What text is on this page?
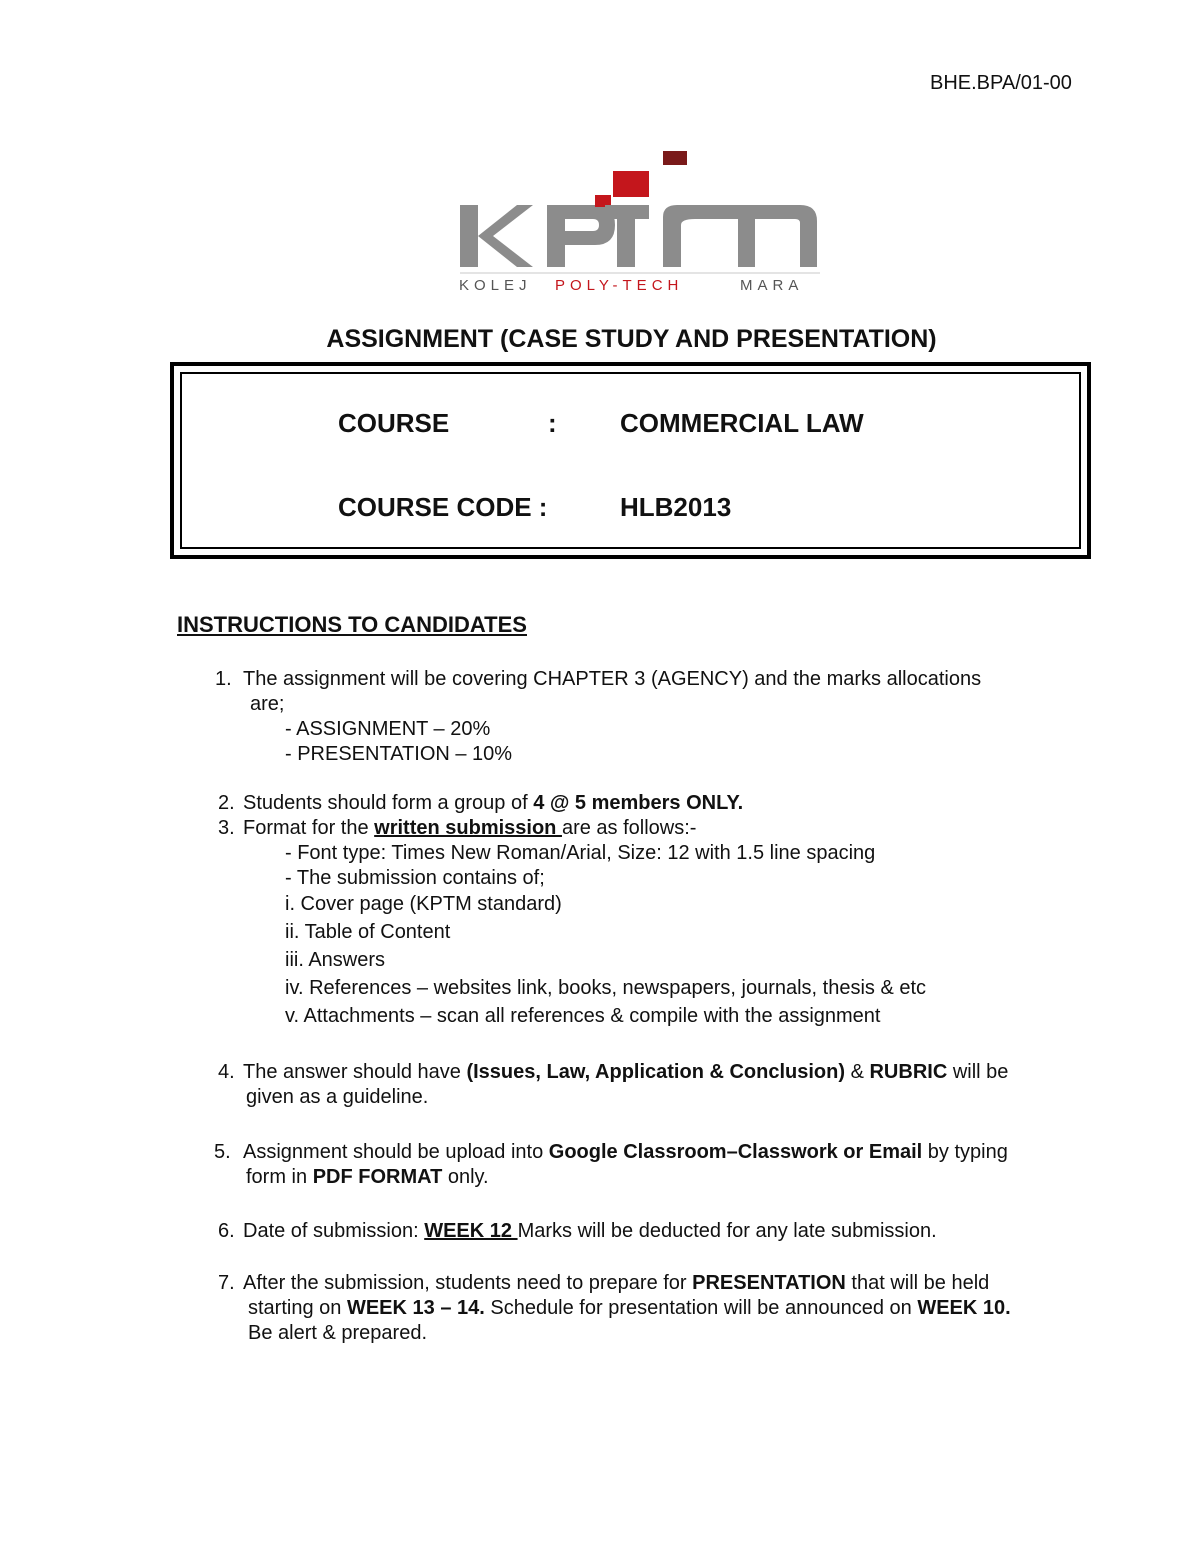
BHE.BPA/01-00
KOLEJ POLY-TECH	MARA
ASSIGNMENT (CASE STUDY AND PRESENTATION)
COURSE	: COMMERCIAL LAW
COURSE CODE :	HLB2013
INSTRUCTIONS TO CANDIDATES
1. The assignment will be covering CHAPTER 3 (AGENCY) and the marks allocations
are;
- ASSIGNMENT – 20%
- PRESENTATION – 10%
2. Students should form a group of 4 @ 5 members ONLY.
3. Format for the written submission are as follows:-
- Font type: Times New Roman/Arial, Size: 12 with 1.5 line spacing
- The submission contains of;
i. Cover page (KPTM standard)
ii. Table of Content
iii. Answers
iv. References – websites link, books, newspapers, journals, thesis & etc
v. Attachments – scan all references & compile with the assignment
4. The answer should have (Issues, Law, Application & Conclusion) & RUBRIC will be
given as a guideline.
5. Assignment should be upload into Google Classroom–Classwork or Email by typing
form in PDF FORMAT only.
6. Date of submission: WEEK 12 Marks will be deducted for any late submission.
7. After the submission, students need to prepare for PRESENTATION that will be held
starting on WEEK 13 – 14. Schedule for presentation will be announced on WEEK 10.
Be alert & prepared.
